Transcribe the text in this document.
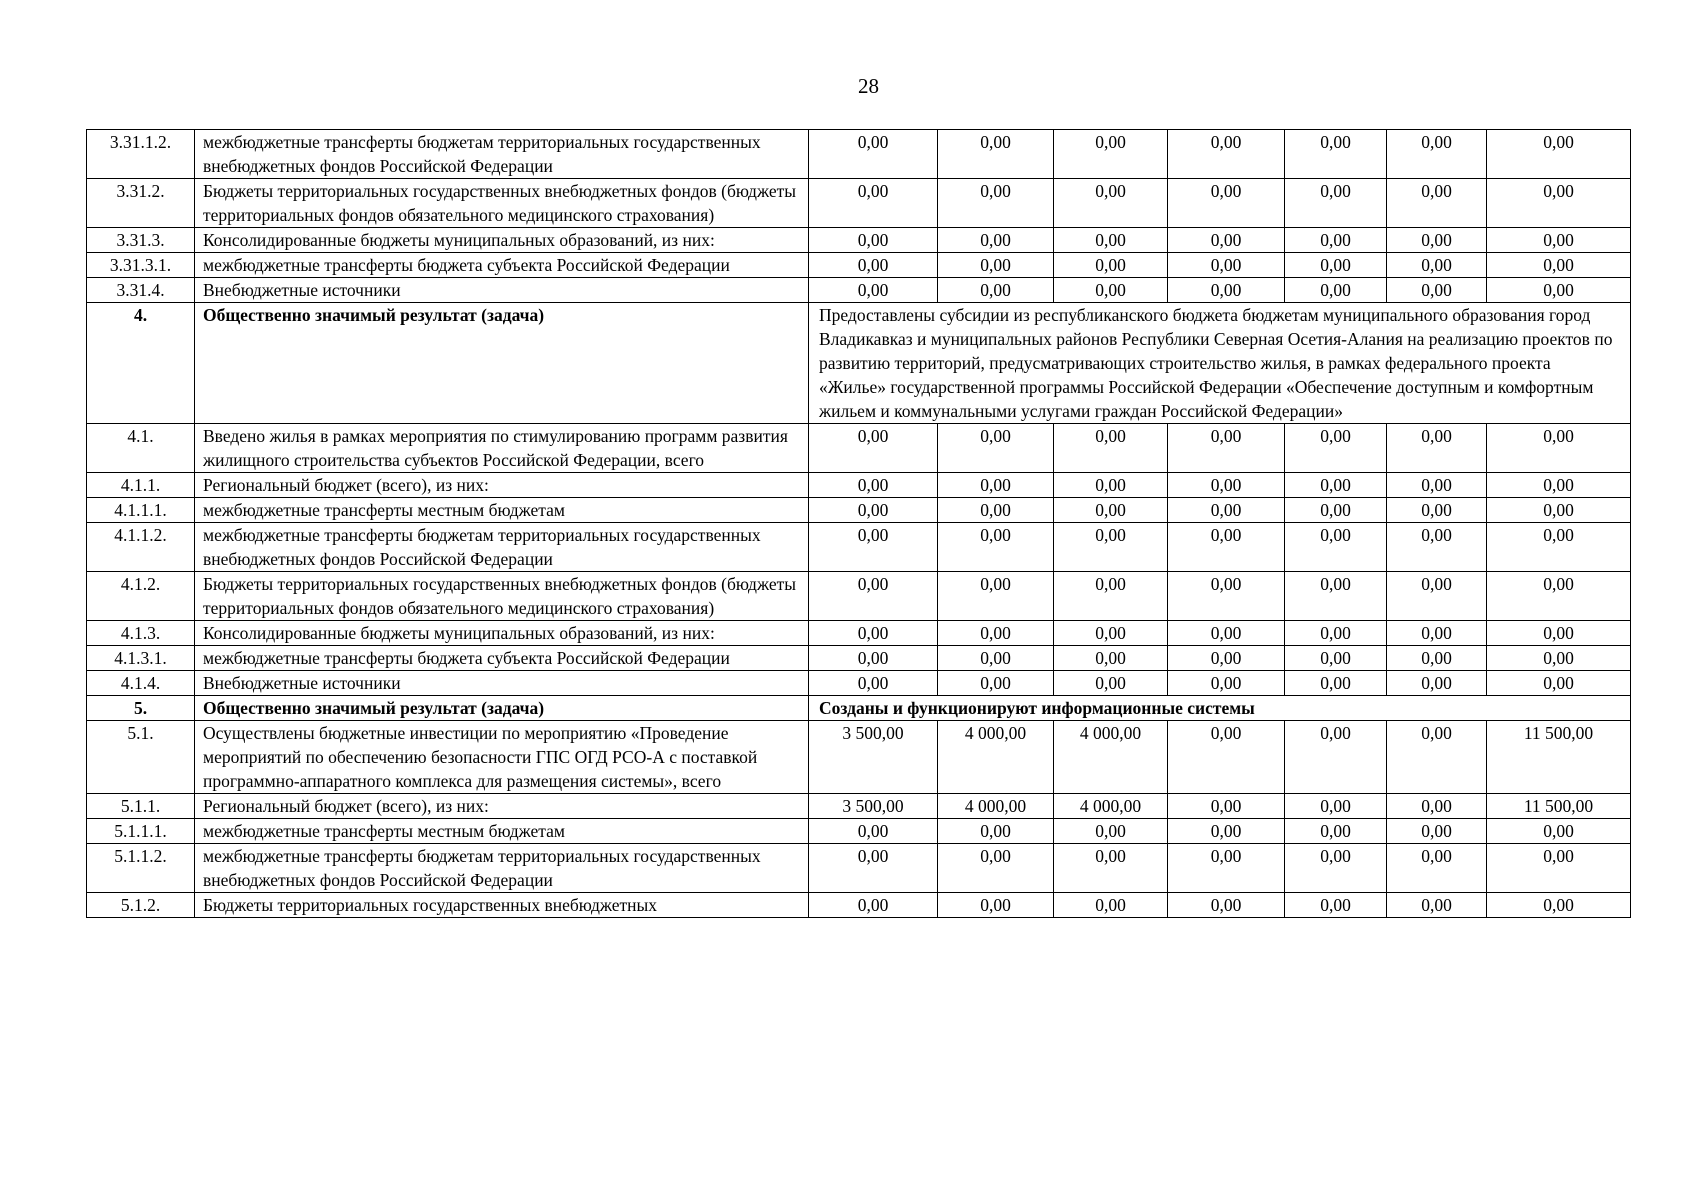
28
3.31.1.2.	межбюджетные трансферты бюджетам территориальных государственных внебюджетных фондов Российской Федерации	0,00	0,00	0,00	0,00	0,00	0,00	0,00
3.31.2.	Бюджеты территориальных государственных внебюджетных фондов (бюджеты территориальных фондов обязательного медицинского страхования)	0,00	0,00	0,00	0,00	0,00	0,00	0,00
3.31.3.	Консолидированные бюджеты муниципальных образований, из них:	0,00	0,00	0,00	0,00	0,00	0,00	0,00
3.31.3.1.	межбюджетные трансферты бюджета субъекта Российской Федерации	0,00	0,00	0,00	0,00	0,00	0,00	0,00
3.31.4.	Внебюджетные источники	0,00	0,00	0,00	0,00	0,00	0,00	0,00
4.	Общественно значимый результат (задача)	Предоставлены субсидии из республиканского бюджета бюджетам муниципального образования город Владикавказ и муниципальных районов Республики Северная Осетия-Алания на реализацию проектов по развитию территорий, предусматривающих строительство жилья, в рамках федерального проекта «Жилье» государственной программы Российской Федерации «Обеспечение доступным и комфортным жильем и коммунальными услугами граждан Российской Федерации»						
4.1.	Введено жилья в рамках мероприятия по стимулированию программ развития жилищного строительства субъектов Российской Федерации, всего	0,00	0,00	0,00	0,00	0,00	0,00	0,00
4.1.1.	Региональный бюджет (всего), из них:	0,00	0,00	0,00	0,00	0,00	0,00	0,00
4.1.1.1.	межбюджетные трансферты местным бюджетам	0,00	0,00	0,00	0,00	0,00	0,00	0,00
4.1.1.2.	межбюджетные трансферты бюджетам территориальных государственных внебюджетных фондов Российской Федерации	0,00	0,00	0,00	0,00	0,00	0,00	0,00
4.1.2.	Бюджеты территориальных государственных внебюджетных фондов (бюджеты территориальных фондов обязательного медицинского страхования)	0,00	0,00	0,00	0,00	0,00	0,00	0,00
4.1.3.	Консолидированные бюджеты муниципальных образований, из них:	0,00	0,00	0,00	0,00	0,00	0,00	0,00
4.1.3.1.	межбюджетные трансферты бюджета субъекта Российской Федерации	0,00	0,00	0,00	0,00	0,00	0,00	0,00
4.1.4.	Внебюджетные источники	0,00	0,00	0,00	0,00	0,00	0,00	0,00
5.	Общественно значимый результат (задача)	Созданы и функционируют информационные системы						
5.1.	Осуществлены бюджетные инвестиции по мероприятию «Проведение мероприятий по обеспечению безопасности ГПС ОГД РСО-А с поставкой программно-аппаратного комплекса для размещения системы», всего	3 500,00	4 000,00	4 000,00	0,00	0,00	0,00	11 500,00
5.1.1.	Региональный бюджет (всего), из них:	3 500,00	4 000,00	4 000,00	0,00	0,00	0,00	11 500,00
5.1.1.1.	межбюджетные трансферты местным бюджетам	0,00	0,00	0,00	0,00	0,00	0,00	0,00
5.1.1.2.	межбюджетные трансферты бюджетам территориальных государственных внебюджетных фондов Российской Федерации	0,00	0,00	0,00	0,00	0,00	0,00	0,00
5.1.2.	Бюджеты территориальных государственных внебюджетных	0,00	0,00	0,00	0,00	0,00	0,00	0,00
